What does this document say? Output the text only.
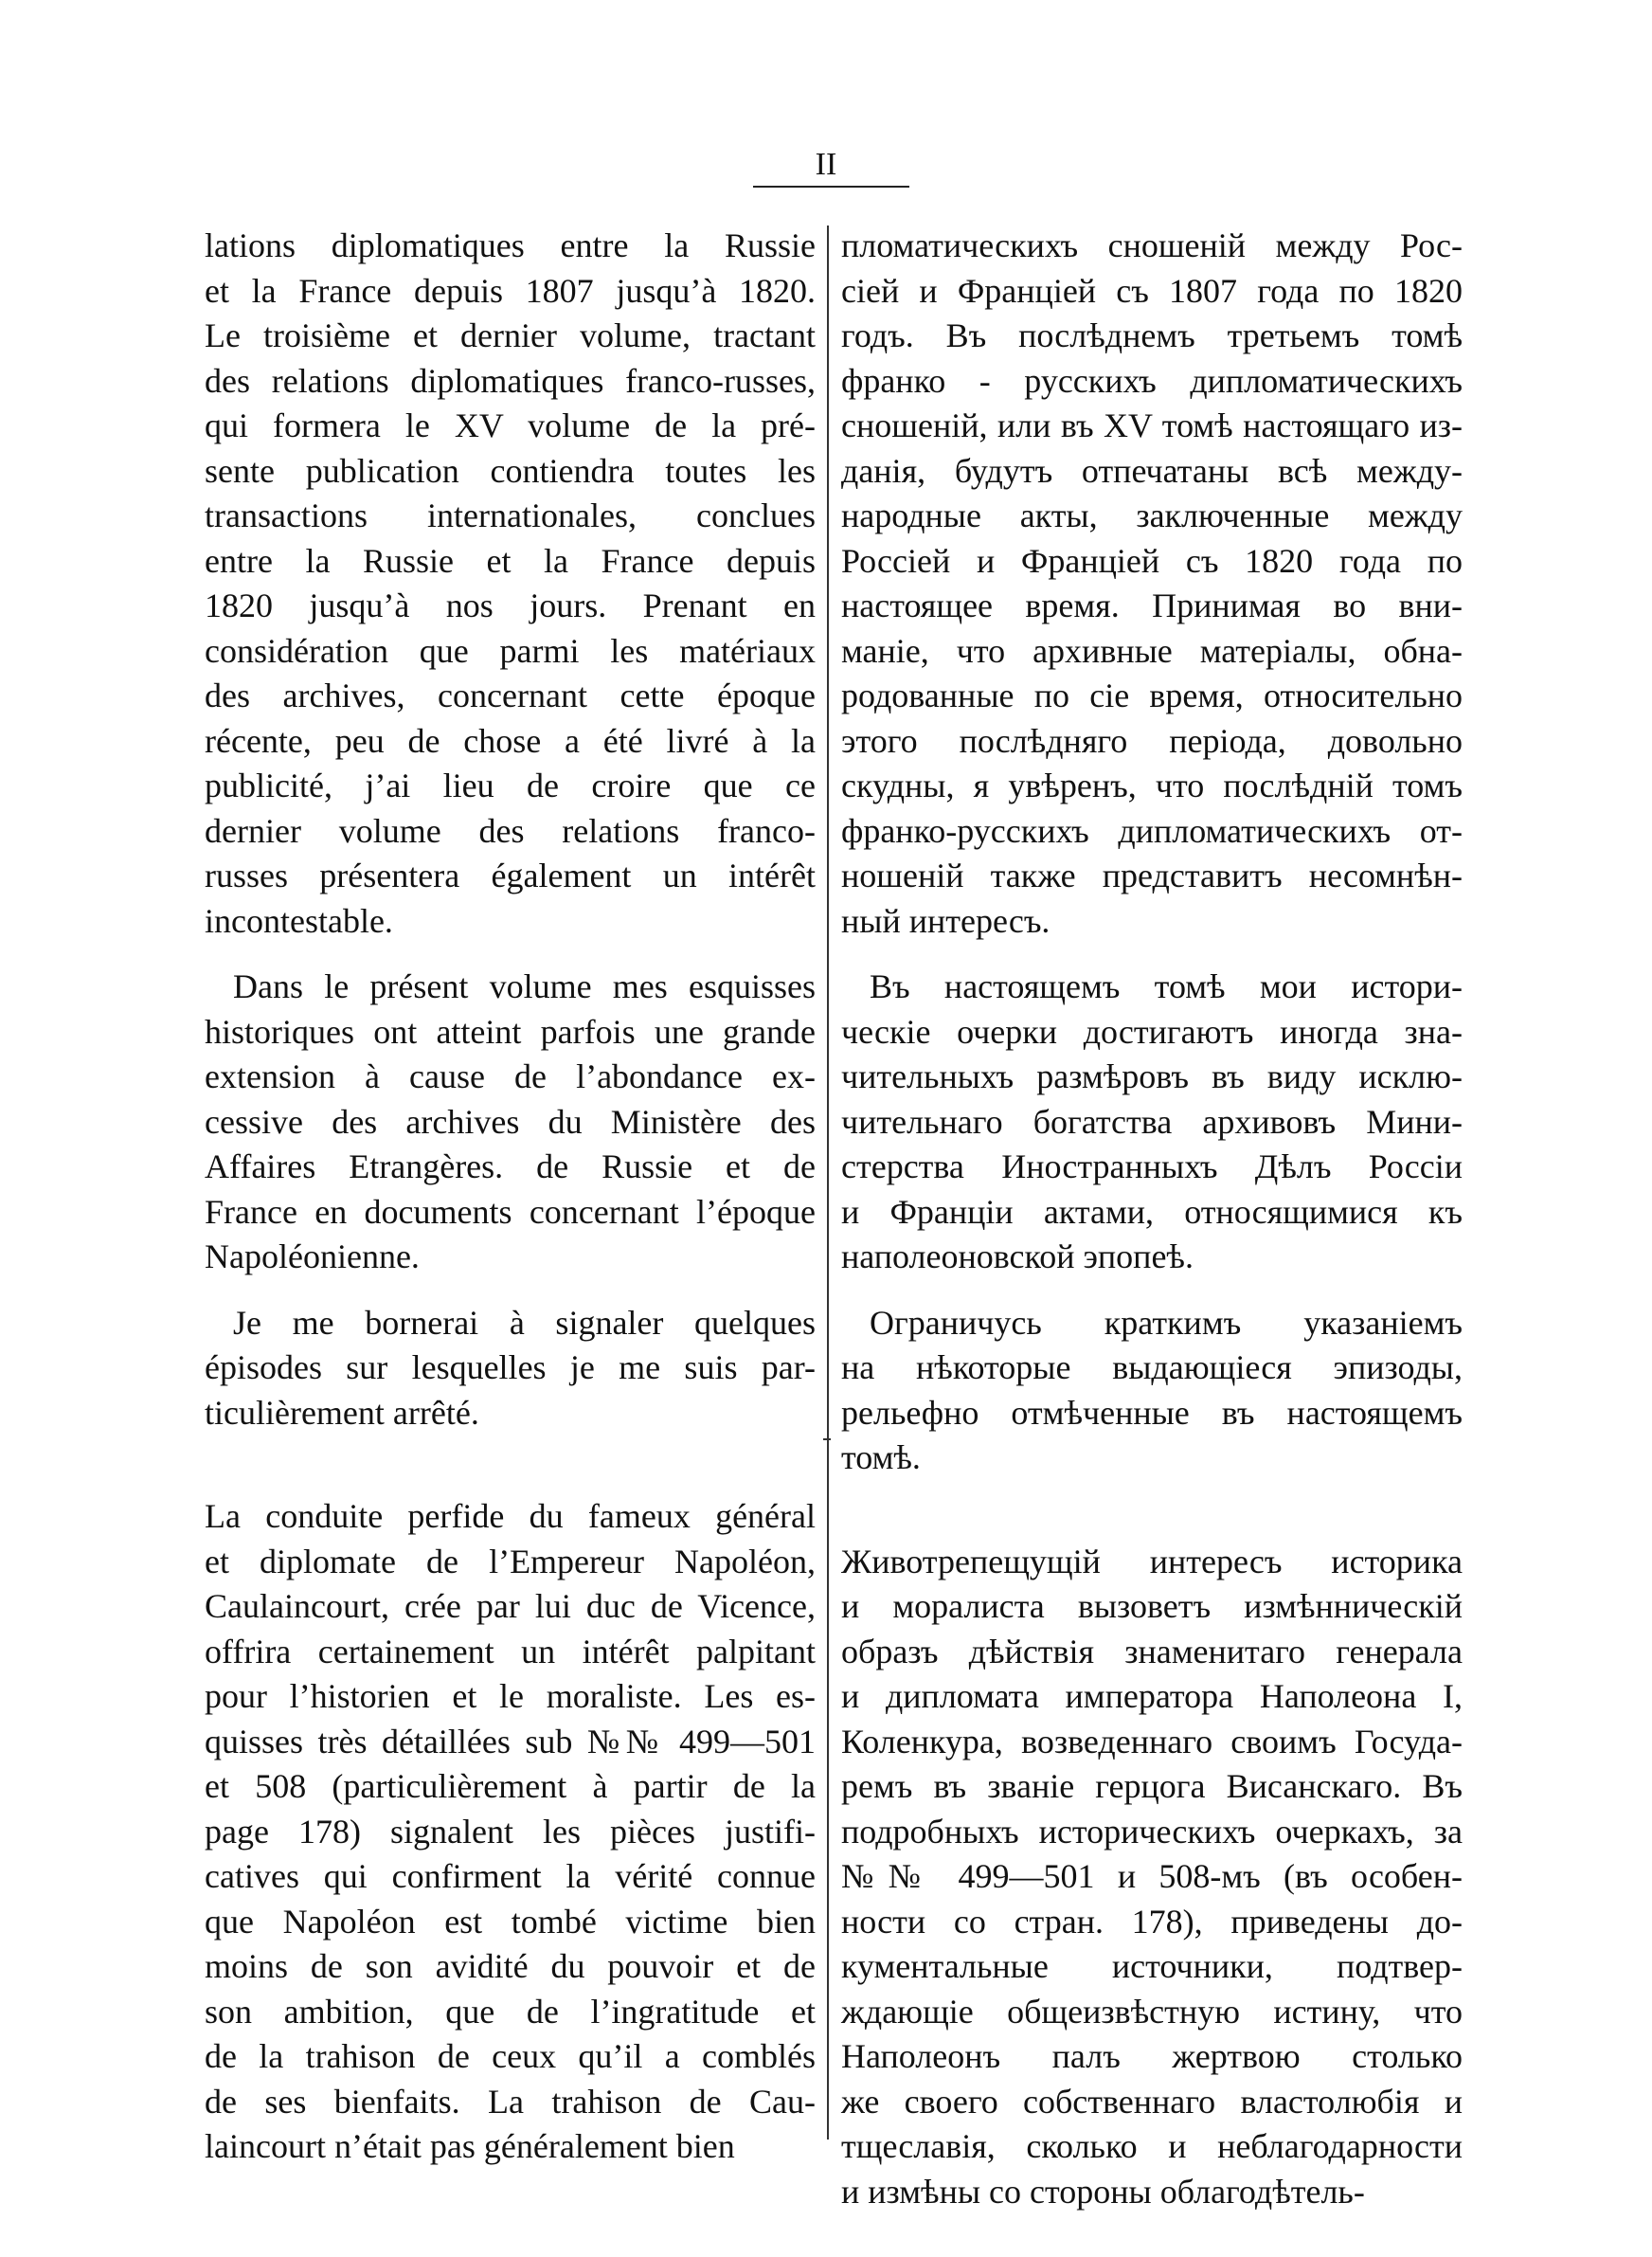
II
lations diplomatiques entre la Russie
et la France depuis 1807 jusqu’à 1820.
Le troisième et dernier volume, tractant
des relations diplomatiques franco-russes,
qui formera le XV volume de la pré-
sente publication contiendra toutes les
transactions internationales, conclues
entre la Russie et la France depuis
1820 jusqu’à nos jours. Prenant en
considération que parmi les matériaux
des archives, concernant cette époque
récente, peu de chose a été livré à la
publicité, j’ai lieu de croire que ce
dernier volume des relations franco-
russes présentera également un intérêt
incontestable.
Dans le présent volume mes esquisses
historiques ont atteint parfois une grande
extension à cause de l’abondance ex-
cessive des archives du Ministère des
Affaires Etrangères. de Russie et de
France en documents concernant l’époque
Napoléonienne.
Je me bornerai à signaler quelques
épisodes sur lesquelles je me suis par-
ticulièrement arrêté.
La conduite perfide du fameux général
et diplomate de l’Empereur Napoléon,
Caulaincourt, crée par lui duc de Vicence,
offrira certainement un intérêt palpitant
pour l’historien et le moraliste. Les es-
quisses très détaillées sub №№ 499—501
et 508 (particulièrement à partir de la
page 178) signalent les pièces justifi-
catives qui confirment la vérité connue
que Napoléon est tombé victime bien
moins de son avidité du pouvoir et de
son ambition, que de l’ingratitude et
de la trahison de ceux qu’il a comblés
de ses bienfaits. La trahison de Cau-
laincourt n’était pas généralement bien
пломатическихъ сношеній между Рос-
сіей и Франціей съ 1807 года по 1820
годъ. Въ послѣднемъ третьемъ томѣ
франко - русскихъ дипломатическихъ
сношеній, или въ XV томѣ настоящаго из-
данія, будутъ отпечатаны всѣ между-
народные акты, заключенные между
Россіей и Франціей съ 1820 года по
настоящее время. Принимая во вни-
маніе, что архивные матеріалы, обна-
родованные по сіе время, относительно
этого послѣдняго періода, довольно
скудны, я увѣренъ, что послѣдній томъ
франко-русскихъ дипломатическихъ от-
ношеній также представитъ несомнѣн-
ный интересъ.
Въ настоящемъ томѣ мои истори-
ческіе очерки достигаютъ иногда зна-
чительныхъ размѣровъ въ виду исклю-
чительнаго богатства архивовъ Мини-
стерства Иностранныхъ Дѣлъ Россіи
и Франціи актами, относящимися къ
наполеоновской эпопеѣ.
Ограничусь краткимъ указаніемъ
на нѣкоторые выдающіеся эпизоды,
рельефно отмѣченные въ настоящемъ
томѣ.
Животрепещущій интересъ историка
и моралиста вызоветъ измѣнническій
образъ дѣйствія знаменитаго генерала
и дипломата императора Наполеона I,
Коленкура, возведеннаго своимъ Госуда-
ремъ въ званіе герцога Висанскаго. Въ
подробныхъ историческихъ очеркахъ, за
№№ 499—501 и 508-мъ (въ особен-
ности со стран. 178), приведены до-
кументальные источники, подтвер-
ждающіе общеизвѣстную истину, что
Наполеонъ палъ жертвою столько
же своего собственнаго властолюбія и
тщеславія, сколько и неблагодарности
и измѣны со стороны облагодѣтель-
